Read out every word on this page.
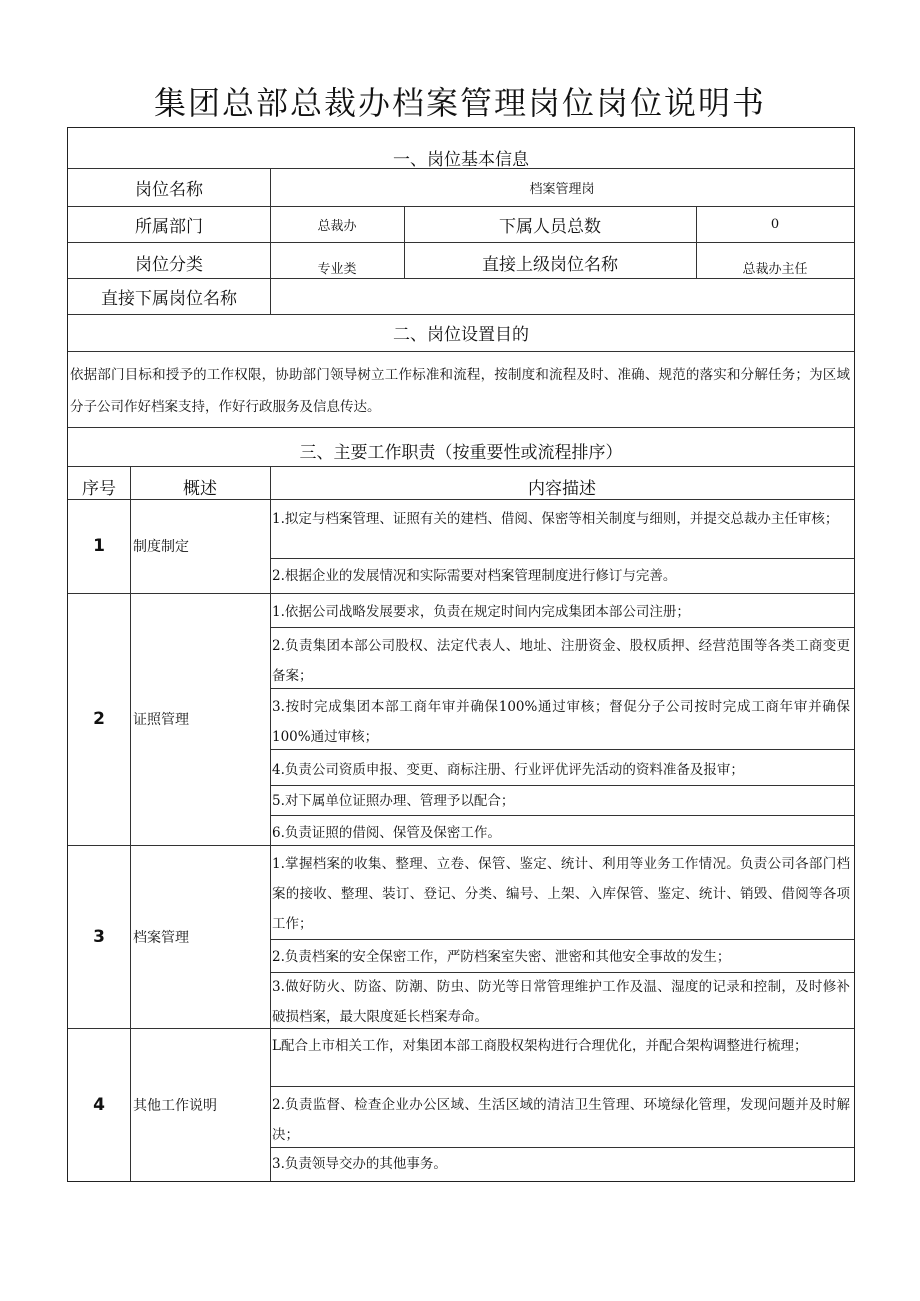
集团总部总裁办档案管理岗位岗位说明书
一、岗位基本信息
岗位名称	档案管理岗
所属部门	总裁办	下属人员总数	0
岗位分类	专业类	直接上级岗位名称	总裁办主任
直接下属岗位名称
二、岗位设置目的
依据部门目标和授予的工作权限，协助部门领导树立工作标准和流程，按制度和流程及时、准确、规范的落实和分解任务；为区域分子公司作好档案支持，作好行政服务及信息传达。
三、主要工作职责（按重要性或流程排序）
序号	概述	内容描述
1	制度制定
1.拟定与档案管理、证照有关的建档、借阅、保密等相关制度与细则，并提交总裁办主任审核；
2.根据企业的发展情况和实际需要对档案管理制度进行修订与完善。
2	证照管理
1.依据公司战略发展要求，负责在规定时间内完成集团本部公司注册；
2.负责集团本部公司股权、法定代表人、地址、注册资金、股权质押、经营范围等各类工商变更备案；
3.按时完成集团本部工商年审并确保100%通过审核；督促分子公司按时完成工商年审并确保100%通过审核；
4.负责公司资质申报、变更、商标注册、行业评优评先活动的资料准备及报审；
5.对下属单位证照办理、管理予以配合；
6.负责证照的借阅、保管及保密工作。
3	档案管理
1.掌握档案的收集、整理、立卷、保管、鉴定、统计、利用等业务工作情况。负责公司各部门档案的接收、整理、装订、登记、分类、编号、上架、入库保管、鉴定、统计、销毁、借阅等各项工作；
2.负责档案的安全保密工作，严防档案室失密、泄密和其他安全事故的发生；
3.做好防火、防盗、防潮、防虫、防光等日常管理维护工作及温、湿度的记录和控制，及时修补破损档案，最大限度延长档案寿命。
4	其他工作说明
L配合上市相关工作，对集团本部工商股权架构进行合理优化，并配合架构调整进行梳理；
2.负责监督、检查企业办公区域、生活区域的清洁卫生管理、环境绿化管理，发现问题并及时解决；
3.负责领导交办的其他事务。
